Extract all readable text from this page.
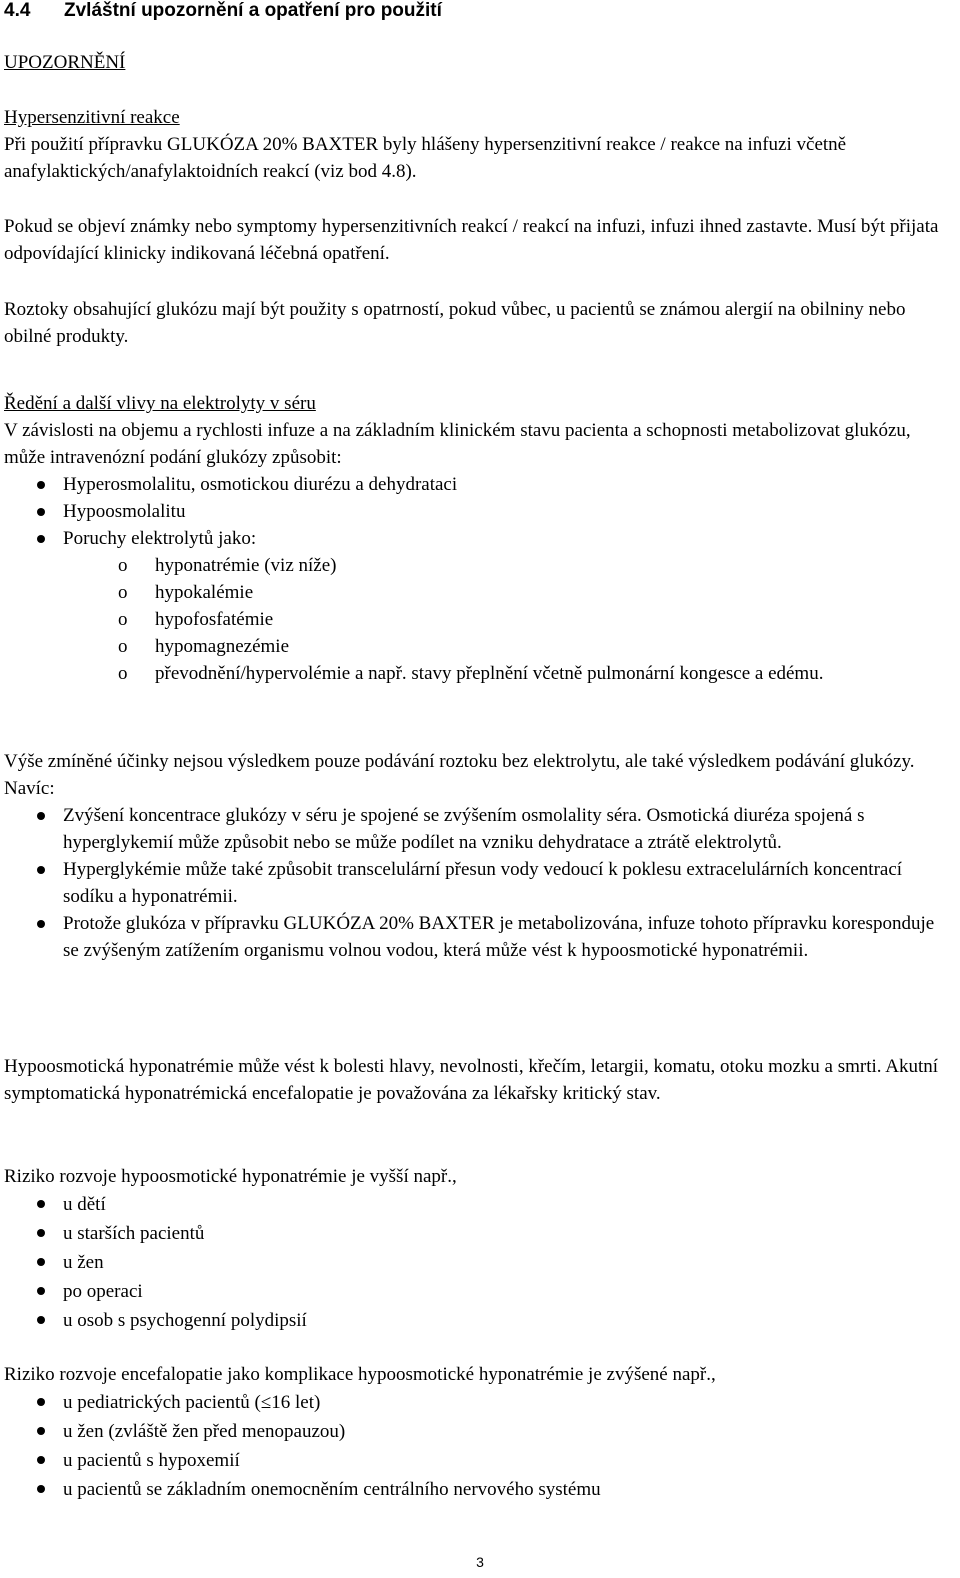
4.4 Zvláštní upozornění a opatření pro použití
UPOZORNĚNÍ

Hypersenzitivní reakce

Při použití přípravku GLUKÓZA 20% BAXTER byly hlášeny hypersenzitivní reakce / reakce na infuzi včetně anafylaktických/anafylaktoidních reakcí (viz bod 4.8).

Pokud se objeví známky nebo symptomy hypersenzitivních reakcí / reakcí na infuzi, infuzi ihned zastavte. Musí být přijata odpovídající klinicky indikovaná léčebná opatření.

Roztoky obsahující glukózu mají být použity s opatrností, pokud vůbec, u pacientů se známou alergií na obilniny nebo obilné produkty.

Ředění a další vlivy na elektrolyty v séru

V závislosti na objemu a rychlosti infuze a na základním klinickém stavu pacienta a schopnosti metabolizovat glukózu, může intravenózní podání glukózy způsobit:

Hyperosmolalitu, osmotickou diurézu a dehydrataci
Hypoosmolalitu
Poruchy elektrolytů jako:
o hyponatrémie (viz níže)
o hypokalémie
o hypofosfatémie
o hypomagnezémie
o převodnění/hypervolémie a např. stavy přeplnění včetně pulmonární kongesce a edému.

Výše zmíněné účinky nejsou výsledkem pouze podávání roztoku bez elektrolytu, ale také výsledkem podávání glukózy. Navíc:

Zvýšení koncentrace glukózy v séru je spojené se zvýšením osmolality séra. Osmotická diuréza spojená s hyperglykemií může způsobit nebo se může podílet na vzniku dehydratace a ztrátě elektrolytů.
Hyperglykémie může také způsobit transcelulární přesun vody vedoucí k poklesu extracelulárních koncentrací sodíku a hyponatrémii.
Protože glukóza v přípravku GLUKÓZA 20% BAXTER je metabolizována, infuze tohoto přípravku koresponduje se zvýšeným zatížením organismu volnou vodou, která může vést k hypoosmotické hyponatrémii.

Hypoosmotická hyponatrémie může vést k bolesti hlavy, nevolnosti, křečím, letargii, komatu, otoku mozku a smrti. Akutní symptomatická hyponatrémická encefalopatie je považována za lékařsky kritický stav.

Riziko rozvoje hypoosmotické hyponatrémie je vyšší např.,

u dětí
u starších pacientů
u žen
po operaci
u osob s psychogenní polydipsií

Riziko rozvoje encefalopatie jako komplikace hypoosmotické hyponatrémie je zvýšené např.,

u pediatrických pacientů (≤16 let)
u žen (zvláště žen před menopauzou)
u pacientů s hypoxemií
u pacientů se základním onemocněním centrálního nervového systému
3
